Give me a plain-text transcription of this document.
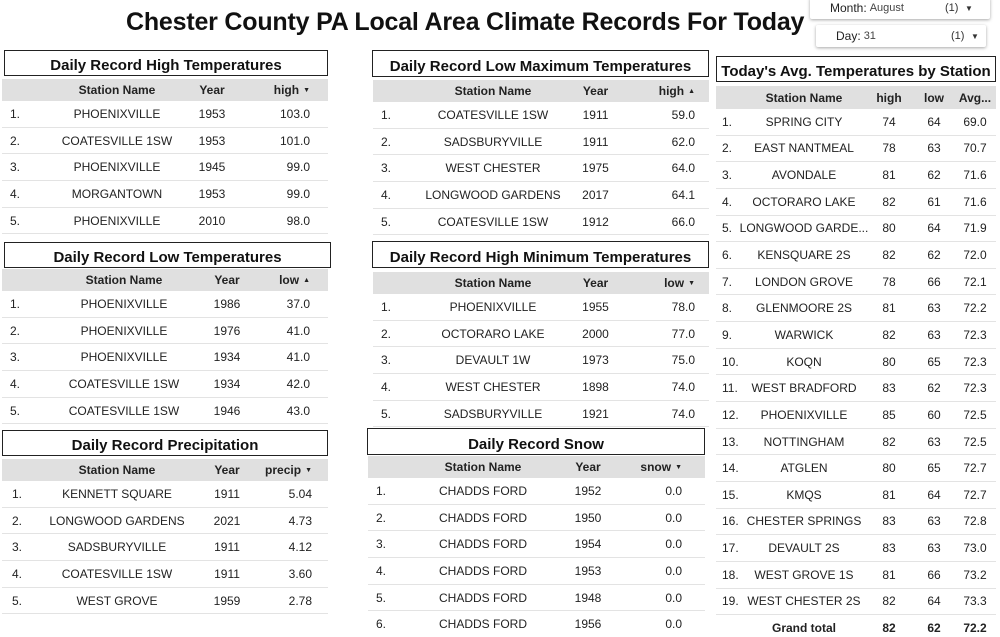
Chester County PA Local Area Climate Records For Today Month: August	(1) ▼
Day: 31	(1) ▼
Daily Record High Temperatures
Daily Record Low Temperatures
Daily Record Precipitation
Daily Record Low Maximum Temperatures
Daily Record High Minimum Temperatures
Daily Record Snow
Today's Avg. Temperatures by Station
Station Name	Year	high ▼
1.	PHOENIXVILLE	1953	103.0
2.	COATESVILLE 1SW	1953	101.0
3.	PHOENIXVILLE	1945	99.0
4.	MORGANTOWN	1953	99.0
5.	PHOENIXVILLE	2010	98.0
Station Name	Year	low ▲
1.	PHOENIXVILLE	1986	37.0
2.	PHOENIXVILLE	1976	41.0
3.	PHOENIXVILLE	1934	41.0
4.	COATESVILLE 1SW	1934	42.0
5.	COATESVILLE 1SW	1946	43.0
Station Name	Year precip ▼
1.	KENNETT SQUARE	1911	5.04
2.	LONGWOOD GARDENS	2021	4.73
3.	SADSBURYVILLE	1911	4.12
4.	COATESVILLE 1SW	1911	3.60
5.	WEST GROVE	1959	2.78
Station Name	Year	high ▲
1.	COATESVILLE 1SW	1911	59.0
2.	SADSBURYVILLE	1911	62.0
3.	WEST CHESTER	1975	64.0
4.	LONGWOOD GARDENS	2017	64.1
5.	COATESVILLE 1SW	1912	66.0
Station Name	Year	low ▼
1.	PHOENIXVILLE	1955	78.0
2.	OCTORARO LAKE	2000	77.0
3.	DEVAULT 1W	1973	75.0
4.	WEST CHESTER	1898	74.0
5.	SADSBURYVILLE	1921	74.0
Station Name	Year	snow ▼
1.	CHADDS FORD	1952	0.0
2.	CHADDS FORD	1950	0.0
3.	CHADDS FORD	1954	0.0
4.	CHADDS FORD	1953	0.0
5.	CHADDS FORD	1948	0.0
6.	CHADDS FORD	1956	0.0
Station Name	high	low	Avg...
1.	SPRING CITY	74	64	69.0
2.	EAST NANTMEAL	78	63	70.7
3.	AVONDALE	81	62	71.6
4.	OCTORARO LAKE	82	61	71.6
5. LONGWOOD GARDE...	80	64	71.9
6.	KENSQUARE 2S	82	62	72.0
7.	LONDON GROVE	78	66	72.1
8.	GLENMOORE 2S	81	63	72.2
9.	WARWICK	82	63	72.3
10.	KOQN	80	65	72.3
11.	WEST BRADFORD	83	62	72.3
12.	PHOENIXVILLE	85	60	72.5
13.	NOTTINGHAM	82	63	72.5
14.	ATGLEN	80	65	72.7
15.	KMQS	81	64	72.7
16. CHESTER SPRINGS	83	63	72.8
17.	DEVAULT 2S	83	63	73.0
18.	WEST GROVE 1S	81	66	73.2
19. WEST CHESTER 2S	82	64	73.3
Grand total	82	62	72.2
